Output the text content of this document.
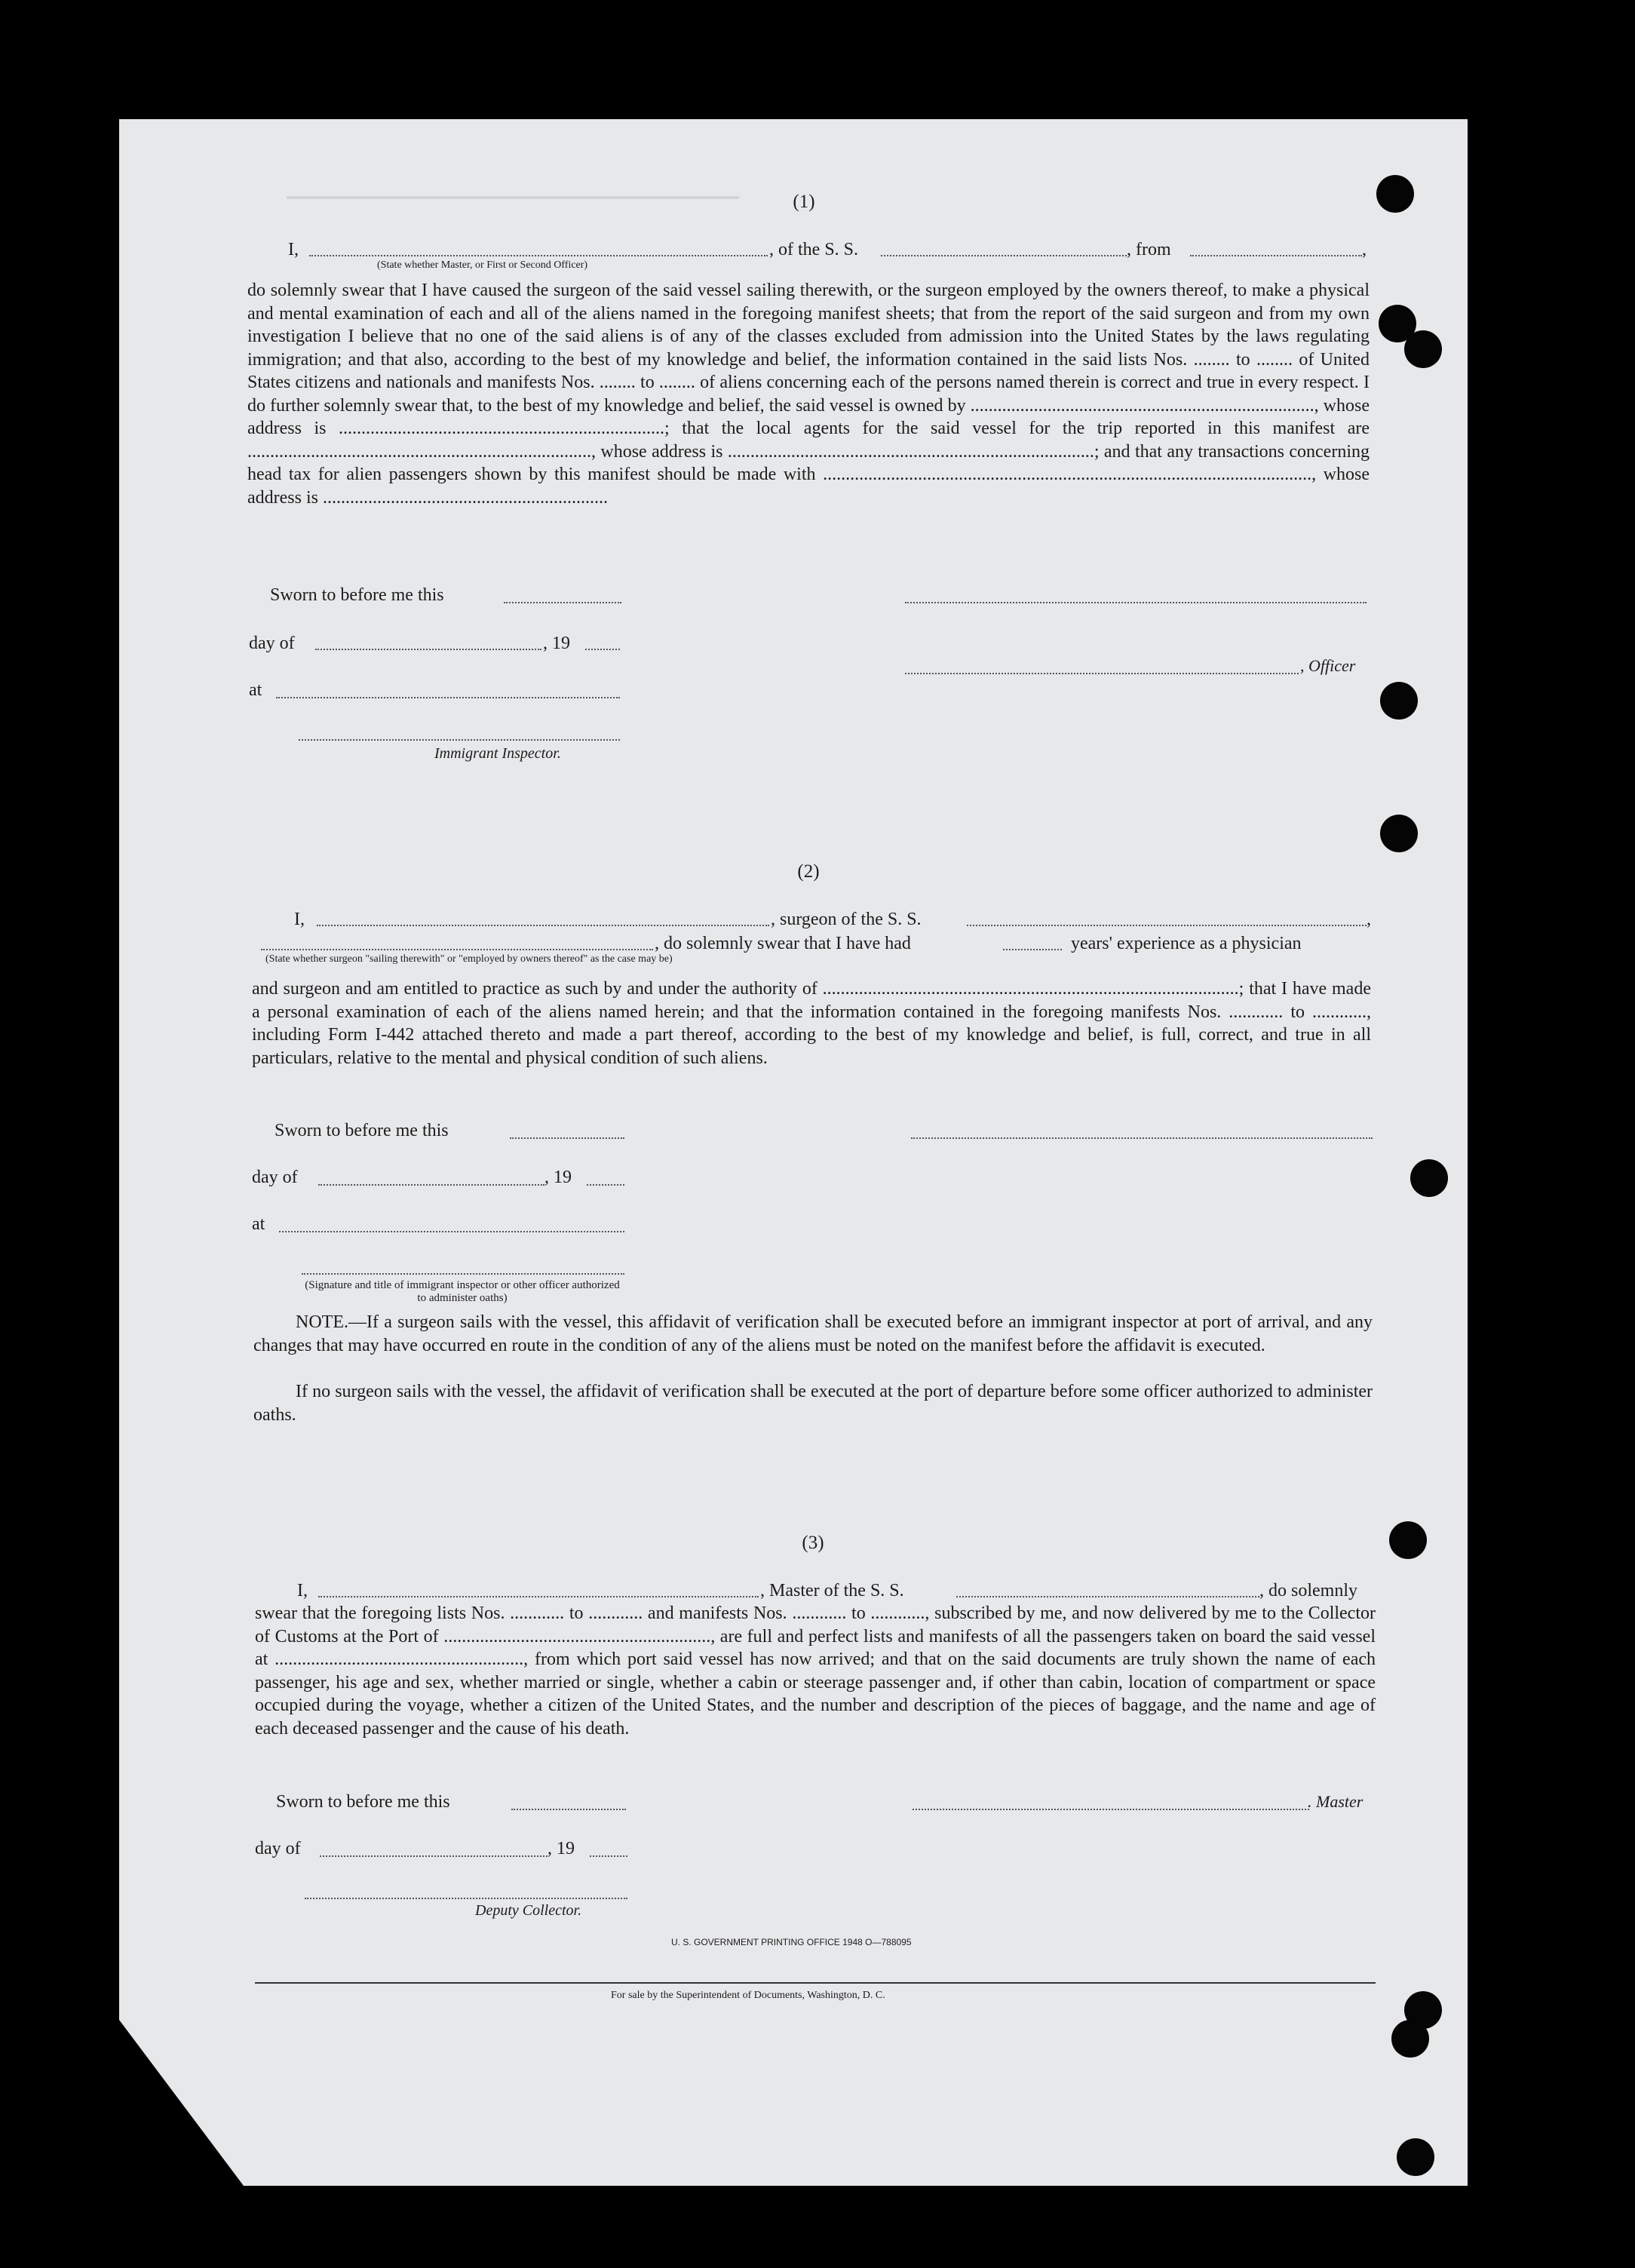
(1)
I,	, of the S. S.	, from	,
(State whether Master, or First or Second Officer)
do solemnly swear that I have caused the surgeon of the said vessel sailing therewith, or the surgeon employed by the owners thereof, to make a physical and mental examination of each and all of the aliens named in the foregoing manifest sheets; that from the report of the said surgeon and from my own investigation I believe that no one of the said aliens is of any of the classes excluded from admission into the United States by the laws regulating immigration; and that also, according to the best of my knowledge and belief, the information contained in the said lists Nos. ........ to ........ of United States citizens and nationals and manifests Nos. ........ to ........ of aliens concerning each of the persons named therein is correct and true in every respect. I do further solemnly swear that, to the best of my knowledge and belief, the said vessel is owned by ............................................................................, whose address is ........................................................................; that the local agents for the said vessel for the trip reported in this manifest are ............................................................................, whose address is .................................................................................; and that any transactions concerning head tax for alien passengers shown by this manifest should be made with ............................................................................................................, whose address is ...............................................................
Sworn to before me this
day of	, 19
, Officer
at
Immigrant Inspector.
(2)
I,	, surgeon of the S. S.	,
, do solemnly swear that I have had	years' experience as a physician
(State whether surgeon "sailing therewith" or "employed by owners thereof" as the case may be)
and surgeon and am entitled to practice as such by and under the authority of ............................................................................................; that I have made a personal examination of each of the aliens named herein; and that the information contained in the foregoing manifests Nos. ............ to ............, including Form I-442 attached thereto and made a part thereof, according to the best of my knowledge and belief, is full, correct, and true in all particulars, relative to the mental and physical condition of such aliens.
Sworn to before me this
day of	, 19
at
(Signature and title of immigrant inspector or other officer authorized to administer oaths)
NOTE.—If a surgeon sails with the vessel, this affidavit of verification shall be executed before an immigrant inspector at port of arrival, and any changes that may have occurred en route in the condition of any of the aliens must be noted on the manifest before the affidavit is executed.
If no surgeon sails with the vessel, the affidavit of verification shall be executed at the port of departure before some officer authorized to administer oaths.
(3)
I,	, Master of the S. S.	, do solemnly
swear that the foregoing lists Nos. ............ to ............ and manifests Nos. ............ to ............, subscribed by me, and now delivered by me to the Collector of Customs at the Port of ..........................................................., are full and perfect lists and manifests of all the passengers taken on board the said vessel at ......................................................., from which port said vessel has now arrived; and that on the said documents are truly shown the name of each passenger, his age and sex, whether married or single, whether a cabin or steerage passenger and, if other than cabin, location of compartment or space occupied during the voyage, whether a citizen of the United States, and the number and description of the pieces of baggage, and the name and age of each deceased passenger and the cause of his death.
Sworn to before me this	. Master
day of	, 19
Deputy Collector.
U. S. GOVERNMENT PRINTING OFFICE 1948 O—788095
For sale by the Superintendent of Documents, Washington, D. C.
